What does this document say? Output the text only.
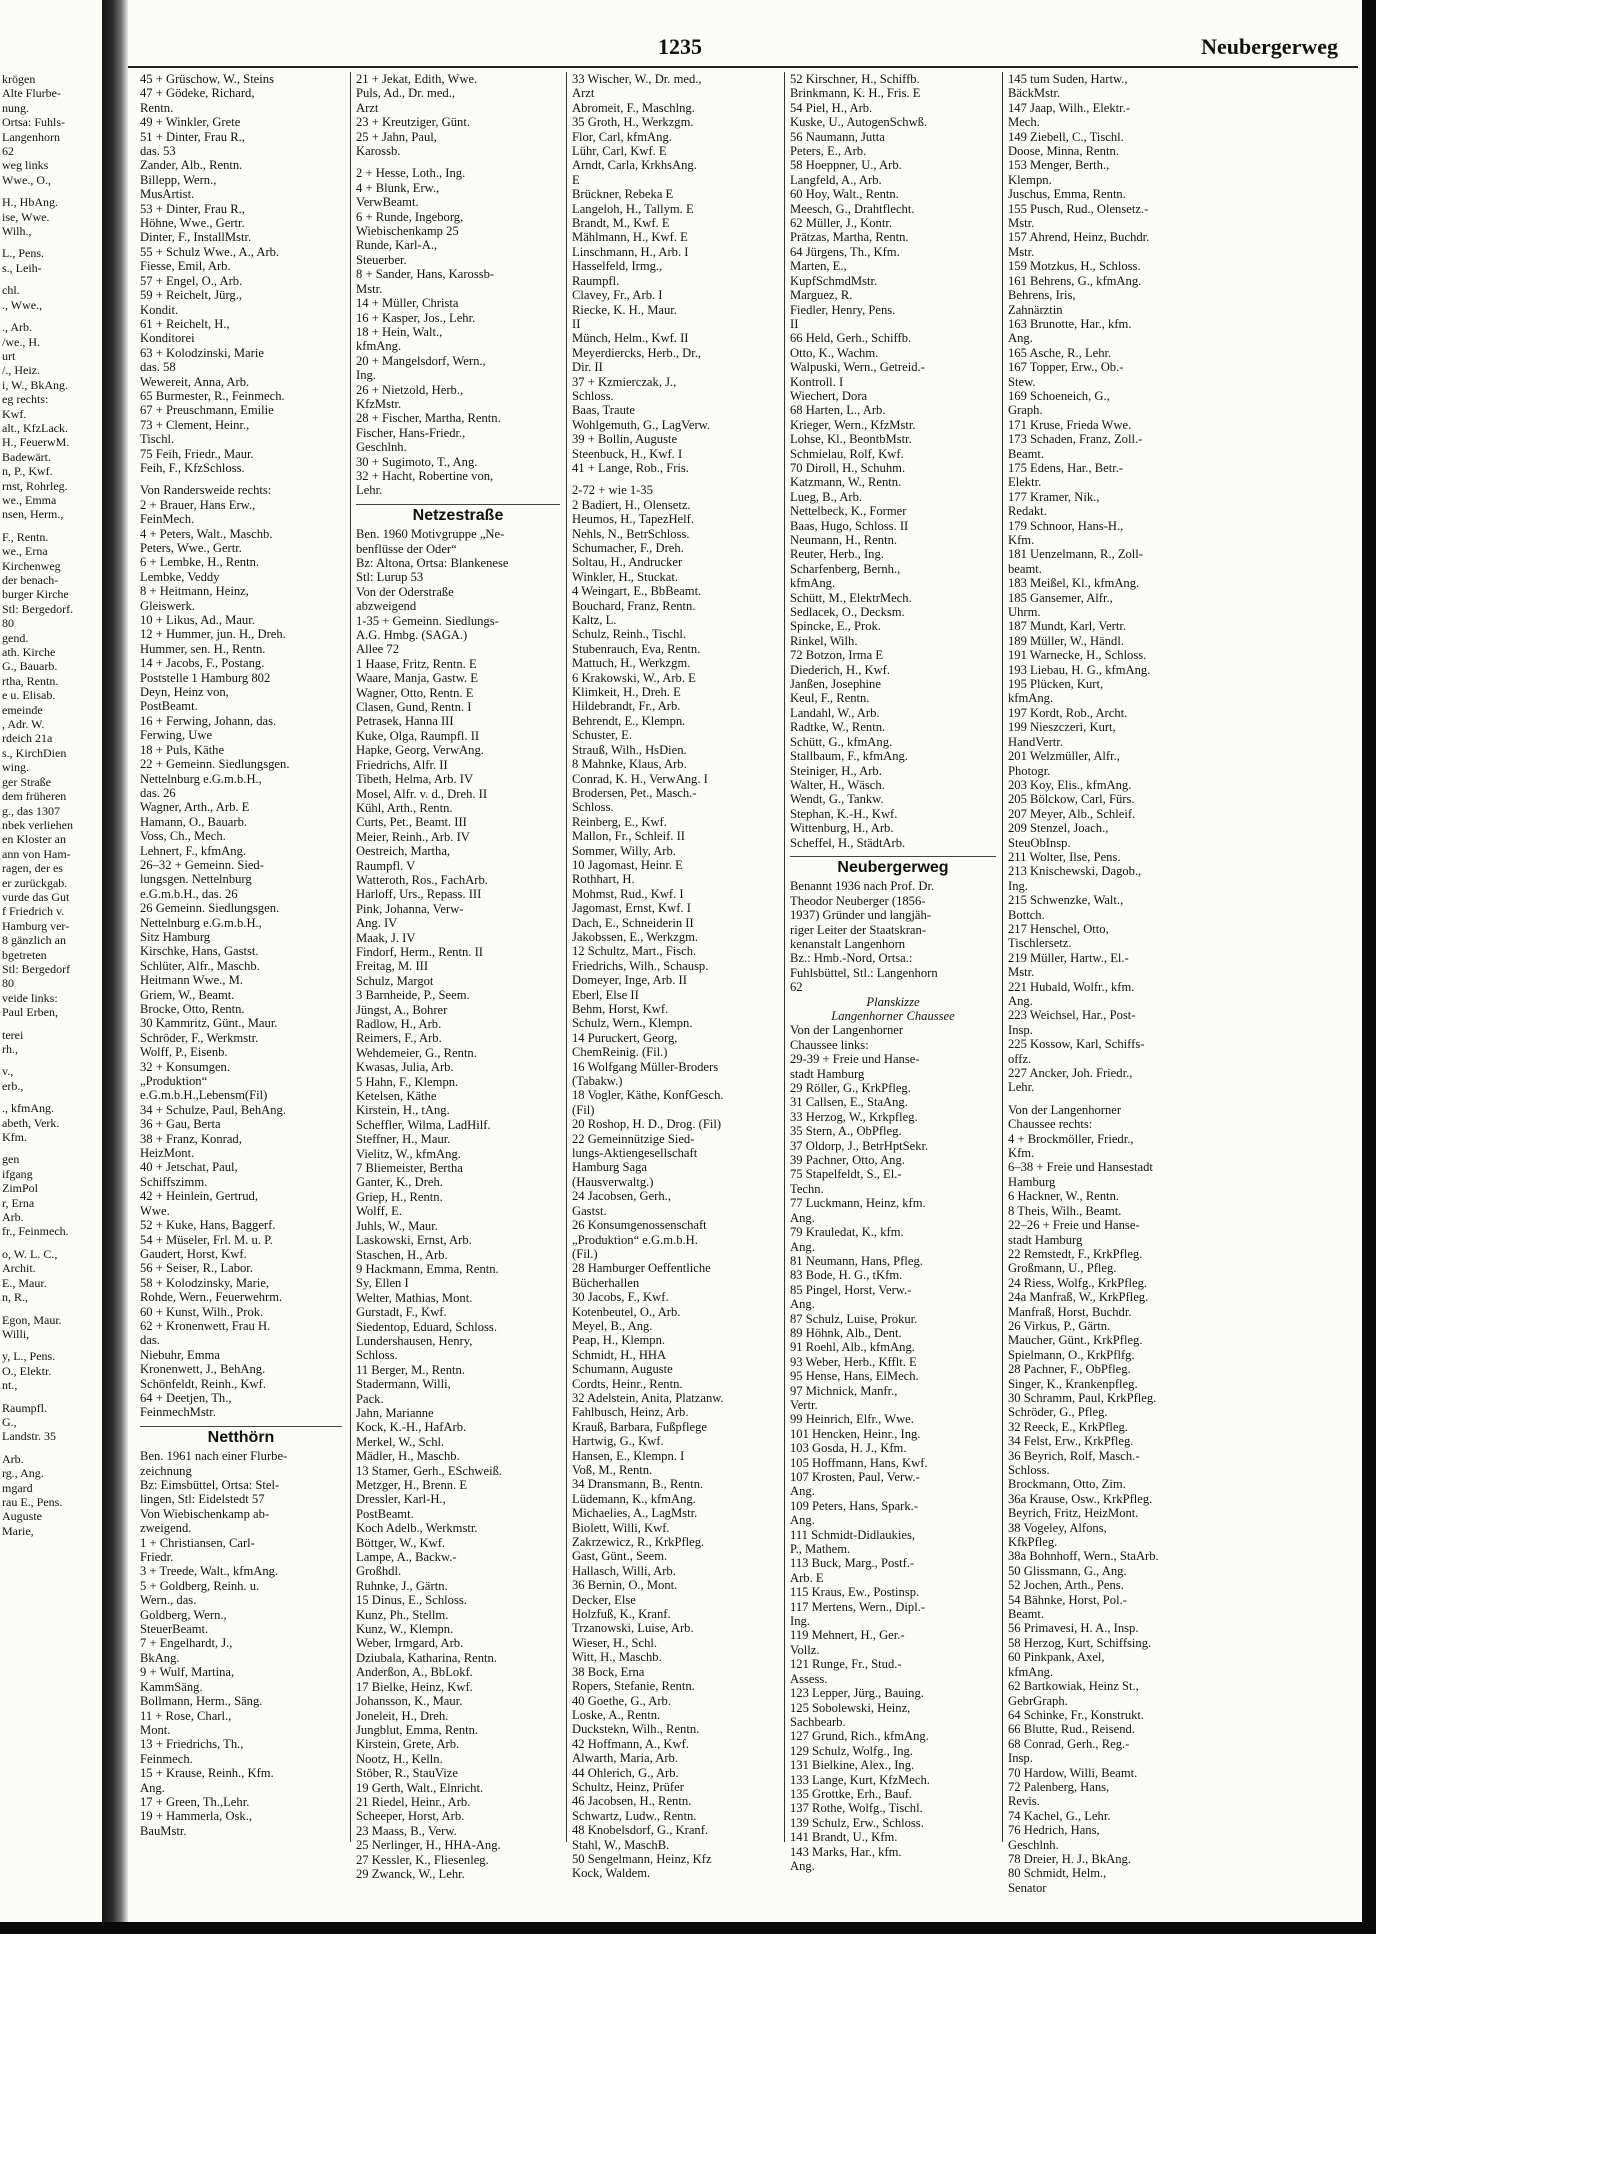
1235	Neubergerweg
krögen
Alte Flurbe-
nung.
Ortsa: Fuhls-
Langenhorn
62
weg links
Wwe., O.,
H., HbAng.
ise, Wwe.
Wilh.,
L., Pens.
s., Leih-
chl.
., Wwe.,
., Arb.
/we., H.
urt
/., Heiz.
i, W., BkAng.
eg rechts:
Kwf.
alt., KfzLack.
H., FeuerwM.
Badewärt.
n, P., Kwf.
rnst, Rohrleg.
we., Emma
nsen, Herm.,
F., Rentn.
we., Erna
Kirchenweg
der benach-
burger Kirche
Stl: Bergedorf.
80
gend.
ath. Kirche
G., Bauarb.
rtha, Rentn.
e u. Elisab.
emeinde
, Adr. W.
rdeich 21a
s., KirchDien
wing.
ger Straße
dem früheren
g., das 1307
nbek verliehen
en Kloster an
ann von Ham-
ragen, der es
er zurückgab.
vurde das Gut
f Friedrich v.
Hamburg ver-
8 gänzlich an
bgetreten
Stl: Bergedorf
80
veide links:
Paul Erben,
terei
rh.,
v.,
erb.,
., kfmAng.
abeth, Verk.
Kfm.
gen
ifgang
ZimPol
r, Erna
Arb.
fr., Feinmech.
o, W. L. C.,
Archit.
E., Maur.
n, R.,
Egon, Maur.
Willi,
y, L., Pens.
O., Elektr.
nt.,
Raumpfl.
G.,
Landstr. 35
Arb.
rg., Ang.
mgard
rau E., Pens.
Auguste
Marie,
45 + Grüschow, W., Steins
47 + Gödeke, Richard,
Rentn.
49 + Winkler, Grete
51 + Dinter, Frau R.,
das. 53
Zander, Alb., Rentn.
Billepp, Wern.,
MusArtist.
53 + Dinter, Frau R.,
Höhne, Wwe., Gertr.
Dinter, F., InstallMstr.
55 + Schulz Wwe., A., Arb.
Fiesse, Emil, Arb.
57 + Engel, O., Arb.
59 + Reichelt, Jürg.,
Kondit.
61 + Reichelt, H.,
Konditorei
63 + Kolodzinski, Marie
das. 58
Wewereit, Anna, Arb.
65 Burmester, R., Feinmech.
67 + Preuschmann, Emilie
73 + Clement, Heinr.,
Tischl.
75 Feih, Friedr., Maur.
Feih, F., KfzSchloss.
Von Randersweide rechts:
2 + Brauer, Hans Erw.,
FeinMech.
4 + Peters, Walt., Maschb.
Peters, Wwe., Gertr.
6 + Lembke, H., Rentn.
Lembke, Veddy
8 + Heitmann, Heinz,
Gleiswerk.
10 + Likus, Ad., Maur.
12 + Hummer, jun. H., Dreh.
Hummer, sen. H., Rentn.
14 + Jacobs, F., Postang.
Poststelle 1 Hamburg 802
Deyn, Heinz von,
PostBeamt.
16 + Ferwing, Johann, das.
Ferwing, Uwe
18 + Puls, Käthe
22 + Gemeinn. Siedlungsgen.
Nettelnburg e.G.m.b.H.,
das. 26
Wagner, Arth., Arb. E
Hamann, O., Bauarb.
Voss, Ch., Mech.
Lehnert, F., kfmAng.
26–32 + Gemeinn. Sied-
lungsgen. Nettelnburg
e.G.m.b.H., das. 26
26 Gemeinn. Siedlungsgen.
Nettelnburg e.G.m.b.H.,
Sitz Hamburg
Kirschke, Hans, Gastst.
Schlüter, Alfr., Maschb.
Heitmann Wwe., M.
Griem, W., Beamt.
Brocke, Otto, Rentn.
30 Kammritz, Günt., Maur.
Schröder, F., Werkmstr.
Wolff, P., Eisenb.
32 + Konsumgen.
„Produktion“
e.G.m.b.H.,Lebensm(Fil)
34 + Schulze, Paul, BehAng.
36 + Gau, Berta
38 + Franz, Konrad,
HeizMont.
40 + Jetschat, Paul,
Schiffszimm.
42 + Heinlein, Gertrud,
Wwe.
52 + Kuke, Hans, Baggerf.
54 + Müseler, Frl. M. u. P.
Gaudert, Horst, Kwf.
56 + Seiser, R., Labor.
58 + Kolodzinsky, Marie,
Rohde, Wern., Feuerwehrm.
60 + Kunst, Wilh., Prok.
62 + Kronenwett, Frau H.
das.
Niebuhr, Emma
Kronenwett, J., BehAng.
Schönfeldt, Reinh., Kwf.
64 + Deetjen, Th.,
FeinmechMstr.
Netthörn
Ben. 1961 nach einer Flurbe-
zeichnung
Bz: Eimsbüttel, Ortsa: Stel-
lingen, Stl: Eidelstedt 57
Von Wiebischenkamp ab-
zweigend.
1 + Christiansen, Carl-
Friedr.
3 + Treede, Walt., kfmAng.
5 + Goldberg, Reinh. u.
Wern., das.
Goldberg, Wern.,
SteuerBeamt.
7 + Engelhardt, J.,
BkAng.
9 + Wulf, Martina,
KammSäng.
Bollmann, Herm., Säng.
11 + Rose, Charl.,
Mont.
13 + Friedrichs, Th.,
Feinmech.
15 + Krause, Reinh., Kfm.
Ang.
17 + Green, Th.,Lehr.
19 + Hammerla, Osk.,
BauMstr.
21 + Jekat, Edith, Wwe.
Puls, Ad., Dr. med.,
Arzt
23 + Kreutziger, Günt.
25 + Jahn, Paul,
Karossb.
2 + Hesse, Loth., Ing.
4 + Blunk, Erw.,
VerwBeamt.
6 + Runde, Ingeborg,
Wiebischenkamp 25
Runde, Karl-A.,
Steuerber.
8 + Sander, Hans, Karossb-
Mstr.
14 + Müller, Christa
16 + Kasper, Jos., Lehr.
18 + Hein, Walt.,
kfmAng.
20 + Mangelsdorf, Wern.,
Ing.
26 + Nietzold, Herb.,
KfzMstr.
28 + Fischer, Martha, Rentn.
Fischer, Hans-Friedr.,
Geschlnh.
30 + Sugimoto, T., Ang.
32 + Hacht, Robertine von,
Lehr.
Netzestraße
Ben. 1960 Motivgruppe „Ne-
benflüsse der Oder“
Bz: Altona, Ortsa: Blankenese
Stl: Lurup 53
Von der Oderstraße
abzweigend
1-35 + Gemeinn. Siedlungs-
A.G. Hmbg. (SAGA.)
Allee 72
1 Haase, Fritz, Rentn. E
Waare, Manja, Gastw. E
Wagner, Otto, Rentn. E
Clasen, Gund, Rentn. I
Petrasek, Hanna III
Kuke, Olga, Raumpfl. II
Hapke, Georg, VerwAng.
Friedrichs, Alfr. II
Tibeth, Helma, Arb. IV
Mosel, Alfr. v. d., Dreh. II
Kühl, Arth., Rentn.
Curts, Pet., Beamt. III
Meier, Reinh., Arb. IV
Oestreich, Martha,
Raumpfl. V
Watteroth, Ros., FachArb.
Harloff, Urs., Repass. III
Pink, Johanna, Verw-
Ang. IV
Maak, J. IV
Findorf, Herm., Rentn. II
Freitag, M. III
Schulz, Margot
3 Barnheide, P., Seem.
Jüngst, A., Bohrer
Radlow, H., Arb.
Reimers, F., Arb.
Wehdemeier, G., Rentn.
Kwasas, Julia, Arb.
5 Hahn, F., Klempn.
Ketelsen, Käthe
Kirstein, H., tAng.
Scheffler, Wilma, LadHilf.
Steffner, H., Maur.
Vielitz, W., kfmAng.
7 Bliemeister, Bertha
Ganter, K., Dreh.
Griep, H., Rentn.
Wolff, E.
Juhls, W., Maur.
Laskowski, Ernst, Arb.
Staschen, H., Arb.
9 Hackmann, Emma, Rentn.
Sy, Ellen I
Welter, Mathias, Mont.
Gurstadt, F., Kwf.
Siedentop, Eduard, Schloss.
Lundershausen, Henry,
Schloss.
11 Berger, M., Rentn.
Stadermann, Willi,
Pack.
Jahn, Marianne
Kock, K.-H., HafArb.
Merkel, W., Schl.
Mädler, H., Maschb.
13 Stamer, Gerh., ESchweiß.
Metzger, H., Brenn. E
Dressler, Karl-H.,
PostBeamt.
Koch Adelb., Werkmstr.
Böttger, W., Kwf.
Lampe, A., Backw.-
Großhdl.
Ruhnke, J., Gärtn.
15 Dinus, E., Schloss.
Kunz, Ph., Stellm.
Kunz, W., Klempn.
Weber, Irmgard, Arb.
Dziubala, Katharina, Rentn.
Anderßon, A., BbLokf.
17 Bielke, Heinz, Kwf.
Johansson, K., Maur.
Joneleit, H., Dreh.
Jungblut, Emma, Rentn.
Kirstein, Grete, Arb.
Nootz, H., Kelln.
Stöber, R., StauVize
19 Gerth, Walt., Elnricht.
21 Riedel, Heinr., Arb.
Scheeper, Horst, Arb.
23 Maass, B., Verw.
25 Nerlinger, H., HHA-Ang.
27 Kessler, K., Fliesenleg.
29 Zwanck, W., Lehr.
33 Wischer, W., Dr. med.,
Arzt
Abromeit, F., Maschlng.
35 Groth, H., Werkzgm.
Flor, Carl, kfmAng.
Lühr, Carl, Kwf. E
Arndt, Carla, KrkhsAng.
E
Brückner, Rebeka E
Langeloh, H., Tallym. E
Brandt, M., Kwf. E
Mählmann, H., Kwf. E
Linschmann, H., Arb. I
Hasselfeld, Irmg.,
Raumpfl.
Clavey, Fr., Arb. I
Riecke, K. H., Maur.
II
Münch, Helm., Kwf. II
Meyerdiercks, Herb., Dr.,
Dir. II
37 + Kzmierczak, J.,
Schloss.
Baas, Traute
Wohlgemuth, G., LagVerw.
39 + Bollin, Auguste
Steenbuck, H., Kwf. I
41 + Lange, Rob., Fris.
2-72 + wie 1-35
2 Badiert, H., Olensetz.
Heumos, H., TapezHelf.
Nehls, N., BetrSchloss.
Schumacher, F., Dreh.
Soltau, H., Andrucker
Winkler, H., Stuckat.
4 Weingart, E., BbBeamt.
Bouchard, Franz, Rentn.
Kaltz, L.
Schulz, Reinh., Tischl.
Stubenrauch, Eva, Rentn.
Mattuch, H., Werkzgm.
6 Krakowski, W., Arb. E
Klimkeit, H., Dreh. E
Hildebrandt, Fr., Arb.
Behrendt, E., Klempn.
Schuster, E.
Strauß, Wilh., HsDien.
8 Mahnke, Klaus, Arb.
Conrad, K. H., VerwAng. I
Brodersen, Pet., Masch.-
Schloss.
Reinberg, E., Kwf.
Mallon, Fr., Schleif. II
Sommer, Willy, Arb.
10 Jagomast, Heinr. E
Rothhart, H.
Mohmst, Rud., Kwf. I
Jagomast, Ernst, Kwf. I
Dach, E., Schneiderin II
Jakobssen, E., Werkzgm.
12 Schultz, Mart., Fisch.
Friedrichs, Wilh., Schausp.
Domeyer, Inge, Arb. II
Eberl, Else II
Behm, Horst, Kwf.
Schulz, Wern., Klempn.
14 Puruckert, Georg,
ChemReinig. (Fil.)
16 Wolfgang Müller-Broders
(Tabakw.)
18 Vogler, Käthe, KonfGesch.
(Fil)
20 Roshop, H. D., Drog. (Fil)
22 Gemeinnützige Sied-
lungs-Aktiengesellschaft
Hamburg Saga
(Hausverwaltg.)
24 Jacobsen, Gerh.,
Gastst.
26 Konsumgenossenschaft
„Produktion“ e.G.m.b.H.
(Fil.)
28 Hamburger Oeffentliche
Bücherhallen
30 Jacobs, F., Kwf.
Kotenbeutel, O., Arb.
Meyel, B., Ang.
Peap, H., Klempn.
Schmidt, H., HHA
Schumann, Auguste
Cordts, Heinr., Rentn.
32 Adelstein, Anita, Platzanw.
Fahlbusch, Heinz, Arb.
Krauß, Barbara, Fußpflege
Hartwig, G., Kwf.
Hansen, E., Klempn. I
Voß, M., Rentn.
34 Dransmann, B., Rentn.
Lüdemann, K., kfmAng.
Michaelies, A., LagMstr.
Biolett, Willi, Kwf.
Zakrzewicz, R., KrkPfleg.
Gast, Günt., Seem.
Hallasch, Willi, Arb.
36 Bernin, O., Mont.
Decker, Else
Holzfuß, K., Kranf.
Trzanowski, Luise, Arb.
Wieser, H., Schl.
Witt, H., Maschb.
38 Bock, Erna
Ropers, Stefanie, Rentn.
40 Goethe, G., Arb.
Loske, A., Rentn.
Duckstekn, Wilh., Rentn.
42 Hoffmann, A., Kwf.
Alwarth, Maria, Arb.
44 Ohlerich, G., Arb.
Schultz, Heinz, Prüfer
46 Jacobsen, H., Rentn.
Schwartz, Ludw., Rentn.
48 Knobelsdorf, G., Kranf.
Stahl, W., MaschB.
50 Sengelmann, Heinz, Kfz
Kock, Waldem.
52 Kirschner, H., Schiffb.
Brinkmann, K. H., Fris. E
54 Piel, H., Arb.
Kuske, U., AutogenSchwß.
56 Naumann, Jutta
Peters, E., Arb.
58 Hoeppner, U., Arb.
Langfeld, A., Arb.
60 Hoy, Walt., Rentn.
Meesch, G., Drahtflecht.
62 Müller, J., Kontr.
Prätzas, Martha, Rentn.
64 Jürgens, Th., Kfm.
Marten, E.,
KupfSchmdMstr.
Marguez, R.
Fiedler, Henry, Pens.
II
66 Held, Gerh., Schiffb.
Otto, K., Wachm.
Walpuski, Wern., Getreid.-
Kontroll. I
Wiechert, Dora
68 Harten, L., Arb.
Krieger, Wern., KfzMstr.
Lohse, Kl., BeontbMstr.
Schmielau, Rolf, Kwf.
70 Diroll, H., Schuhm.
Katzmann, W., Rentn.
Lueg, B., Arb.
Nettelbeck, K., Former
Baas, Hugo, Schloss. II
Neumann, H., Rentn.
Reuter, Herb., Ing.
Scharfenberg, Bernh.,
kfmAng.
Schütt, M., ElektrMech.
Sedlacek, O., Decksm.
Spincke, E., Prok.
Rinkel, Wilh.
72 Botzon, Irma E
Diederich, H., Kwf.
Janßen, Josephine
Keul, F., Rentn.
Landahl, W., Arb.
Radtke, W., Rentn.
Schütt, G., kfmAng.
Stallbaum, F., kfmAng.
Steiniger, H., Arb.
Walter, H., Wäsch.
Wendt, G., Tankw.
Stephan, K.-H., Kwf.
Wittenburg, H., Arb.
Scheffel, H., StädtArb.
Neubergerweg
Benannt 1936 nach Prof. Dr.
Theodor Neuberger (1856-
1937) Gründer und langjäh-
riger Leiter der Staatskran-
kenanstalt Langenhorn
Bz.: Hmb.-Nord, Ortsa.:
Fuhlsbüttel, Stl.: Langenhorn
62
Planskizze
Langenhorner Chaussee
Von der Langenhorner
Chaussee links:
29-39 + Freie und Hanse-
stadt Hamburg
29 Röller, G., KrkPfleg.
31 Callsen, E., StaAng.
33 Herzog, W., Krkpfleg.
35 Stern, A., ObPfleg.
37 Oldorp, J., BetrHptSekr.
39 Pachner, Otto, Ang.
75 Stapelfeldt, S., El.-
Techn.
77 Luckmann, Heinz, kfm.
Ang.
79 Krauledat, K., kfm.
Ang.
81 Neumann, Hans, Pfleg.
83 Bode, H. G., tKfm.
85 Pingel, Horst, Verw.-
Ang.
87 Schulz, Luise, Prokur.
89 Höhnk, Alb., Dent.
91 Roehl, Alb., kfmAng.
93 Weber, Herb., Kfflt. E
95 Hense, Hans, ElMech.
97 Michnick, Manfr.,
Vertr.
99 Heinrich, Elfr., Wwe.
101 Hencken, Heinr., Ing.
103 Gosda, H. J., Kfm.
105 Hoffmann, Hans, Kwf.
107 Krosten, Paul, Verw.-
Ang.
109 Peters, Hans, Spark.-
Ang.
111 Schmidt-Didlaukies,
P., Mathem.
113 Buck, Marg., Postf.-
Arb. E
115 Kraus, Ew., Postinsp.
117 Mertens, Wern., Dipl.-
Ing.
119 Mehnert, H., Ger.-
Vollz.
121 Runge, Fr., Stud.-
Assess.
123 Lepper, Jürg., Bauing.
125 Sobolewski, Heinz,
Sachbearb.
127 Grund, Rich., kfmAng.
129 Schulz, Wolfg., Ing.
131 Bielkine, Alex., Ing.
133 Lange, Kurt, KfzMech.
135 Grottke, Erh., Bauf.
137 Rothe, Wolfg., Tischl.
139 Schulz, Erw., Schloss.
141 Brandt, U., Kfm.
143 Marks, Har., kfm.
Ang.
145 tum Suden, Hartw.,
BäckMstr.
147 Jaap, Wilh., Elektr.-
Mech.
149 Ziebell, C., Tischl.
Doose, Minna, Rentn.
153 Menger, Berth.,
Klempn.
Juschus, Emma, Rentn.
155 Pusch, Rud., Olensetz.-
Mstr.
157 Ahrend, Heinz, Buchdr.
Mstr.
159 Motzkus, H., Schloss.
161 Behrens, G., kfmAng.
Behrens, Iris,
Zahnärztin
163 Brunotte, Har., kfm.
Ang.
165 Asche, R., Lehr.
167 Topper, Erw., Ob.-
Stew.
169 Schoeneich, G.,
Graph.
171 Kruse, Frieda Wwe.
173 Schaden, Franz, Zoll.-
Beamt.
175 Edens, Har., Betr.-
Elektr.
177 Kramer, Nik.,
Redakt.
179 Schnoor, Hans-H.,
Kfm.
181 Uenzelmann, R., Zoll-
beamt.
183 Meißel, Kl., kfmAng.
185 Gansemer, Alfr.,
Uhrm.
187 Mundt, Karl, Vertr.
189 Müller, W., Händl.
191 Warnecke, H., Schloss.
193 Liebau, H. G., kfmAng.
195 Plücken, Kurt,
kfmAng.
197 Kordt, Rob., Archt.
199 Nieszczeri, Kurt,
HandVertr.
201 Welzmüller, Alfr.,
Photogr.
203 Koy, Elis., kfmAng.
205 Bölckow, Carl, Fürs.
207 Meyer, Alb., Schleif.
209 Stenzel, Joach.,
SteuObInsp.
211 Wolter, Ilse, Pens.
213 Knischewski, Dagob.,
Ing.
215 Schwenzke, Walt.,
Bottch.
217 Henschel, Otto,
Tischlersetz.
219 Müller, Hartw., El.-
Mstr.
221 Hubald, Wolfr., kfm.
Ang.
223 Weichsel, Har., Post-
Insp.
225 Kossow, Karl, Schiffs-
offz.
227 Ancker, Joh. Friedr.,
Lehr.
Von der Langenhorner
Chaussee rechts:
4 + Brockmöller, Friedr.,
Kfm.
6–38 + Freie und Hansestadt
Hamburg
6 Hackner, W., Rentn.
8 Theis, Wilh., Beamt.
22–26 + Freie und Hanse-
stadt Hamburg
22 Remstedt, F., KrkPfleg.
Großmann, U., Pfleg.
24 Riess, Wolfg., KrkPfleg.
24a Manfraß, W., KrkPfleg.
Manfraß, Horst, Buchdr.
26 Virkus, P., Gärtn.
Maucher, Günt., KrkPfleg.
Spielmann, O., KrkPflfg.
28 Pachner, F., ObPfleg.
Singer, K., Krankenpfleg.
30 Schramm, Paul, KrkPfleg.
Schröder, G., Pfleg.
32 Reeck, E., KrkPfleg.
34 Felst, Erw., KrkPfleg.
36 Beyrich, Rolf, Masch.-
Schloss.
Brockmann, Otto, Zim.
36a Krause, Osw., KrkPfleg.
Beyrich, Fritz, HeizMont.
38 Vogeley, Alfons,
KfkPfleg.
38a Bohnhoff, Wern., StaArb.
50 Glissmann, G., Ang.
52 Jochen, Arth., Pens.
54 Bähnke, Horst, Pol.-
Beamt.
56 Primavesi, H. A., Insp.
58 Herzog, Kurt, Schiffsing.
60 Pinkpank, Axel,
kfmAng.
62 Bartkowiak, Heinz St.,
GebrGraph.
64 Schinke, Fr., Konstrukt.
66 Blutte, Rud., Reisend.
68 Conrad, Gerh., Reg.-
Insp.
70 Hardow, Willi, Beamt.
72 Palenberg, Hans,
Revis.
74 Kachel, G., Lehr.
76 Hedrich, Hans,
Geschlnh.
78 Dreier, H. J., BkAng.
80 Schmidt, Helm.,
Senator
